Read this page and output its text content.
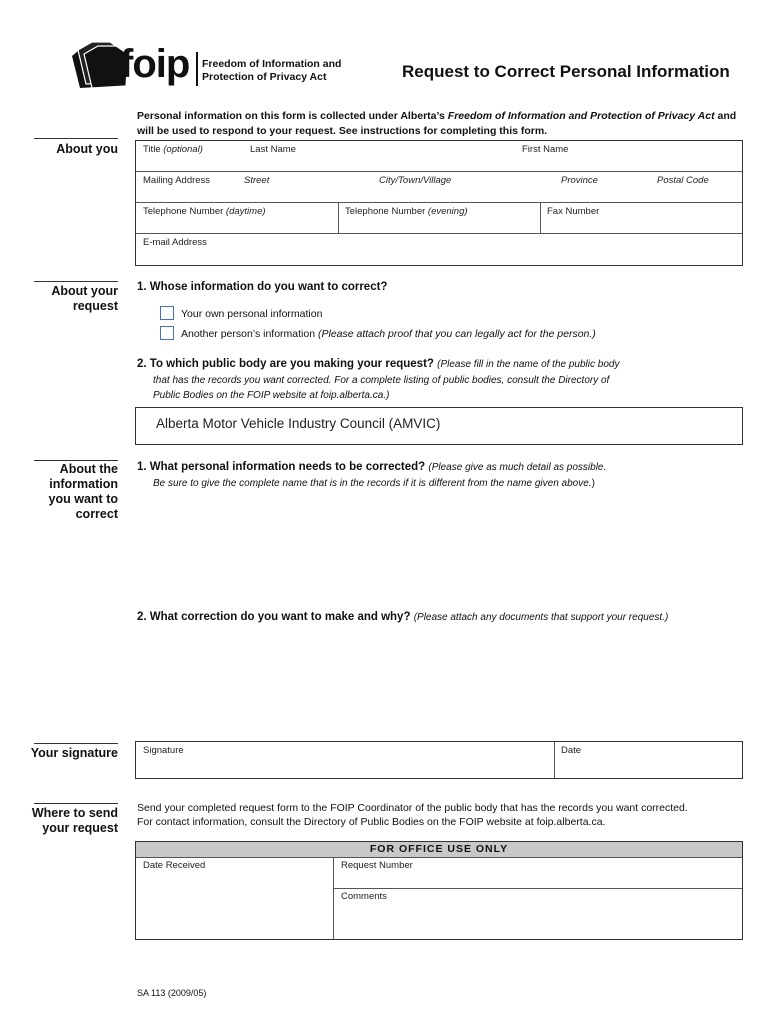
foip Freedom of Information and
Protection of Privacy Act	Request to Correct Personal Information
Personal information on this form is collected under Alberta’s Freedom of Information and Protection of Privacy Act and will be used to respond to your request. See instructions for completing this form.
About you	Title (optional)	Last Name	First Name
Mailing Address	Street	City/Town/Village	Province	Postal Code
Telephone Number (daytime)	Telephone Number (evening)	Fax Number
E-mail Address
About your
request
1. Whose information do you want to correct?
Your own personal information
Another person’s information (Please attach proof that you can legally act for the person.)
2. To which public body are you making your request? (Please fill in the name of the public body
that has the records you want corrected. For a complete listing of public bodies, consult the Directory of
Public Bodies on the FOIP website at foip.alberta.ca.)
Alberta Motor Vehicle Industry Council (AMVIC)
About the
information
you want to
correct
1. What personal information needs to be corrected? (Please give as much detail as possible.
Be sure to give the complete name that is in the records if it is different from the name given above.)
2. What correction do you want to make and why? (Please attach any documents that support your request.)
Your signature	Signature	Date
Where to send
your request
Send your completed request form to the FOIP Coordinator of the public body that has the records you want corrected.
For contact information, consult the Directory of Public Bodies on the FOIP website at foip.alberta.ca.
FOR OFFICE USE ONLY
Date Received	Request Number
Comments
SA 113 (2009/05)
